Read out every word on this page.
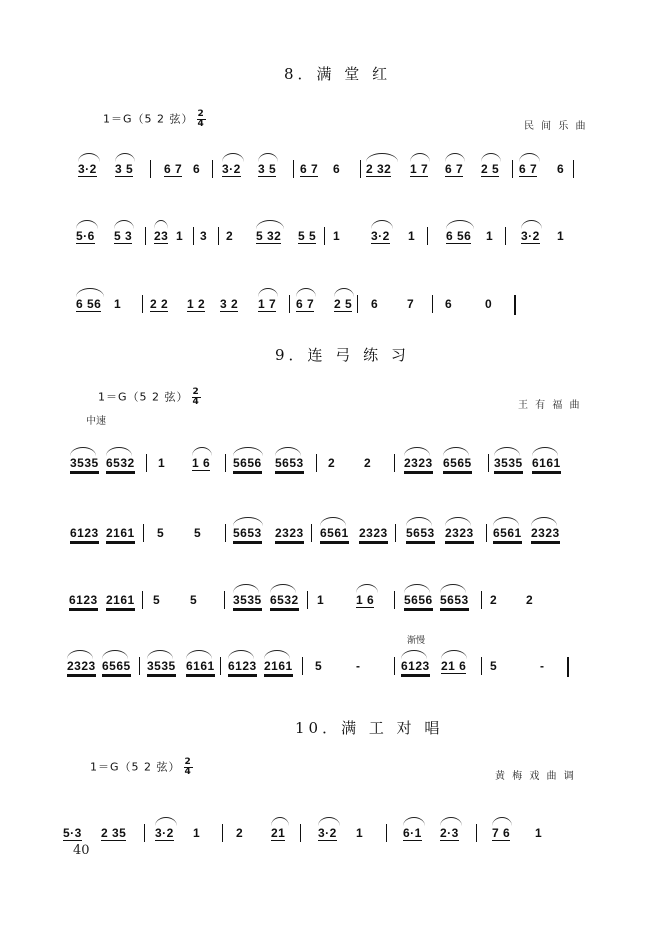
8．满 堂 红
1＝G（5 2 弦） $\frac{2}{4}$	民 间 乐 曲
3·2 3 5	6 7 6 3·2 3 5 6 7 6 2 32 1 7 6 7 2 5 6 7 6
5·6 5 3 23 1 3 2 5 32 5 5 1	3·2 1	6 56 1 3·2 1
6 56 1 2 2 1 2 3 2 1 7 6 7 2 5 6 7	6	0
9．连 弓 练 习
1＝G（5 2 弦） $\frac{2}{4}$	王 有 福 曲
中速
3535 6532 1 1 6 5656 5653 2 2	2323 6565 3535 6161
6123 2161 5 5	5653 2323 6561 2323 5653 2323 6561 2323
6123 2161 5 5	3535 6532 1	1 6 5656 5653 2 2
渐慢
2323 6565 3535 6161 6123 2161 5	-	6123 21 6 5	-
10．满 工 对 唱
1＝G（5 2 弦） $\frac{2}{4}$	黄 梅 戏 曲 调
5·3 2 35 3·2 1	2 21	3·2 1	6·1 2·3	7 6 1
40
